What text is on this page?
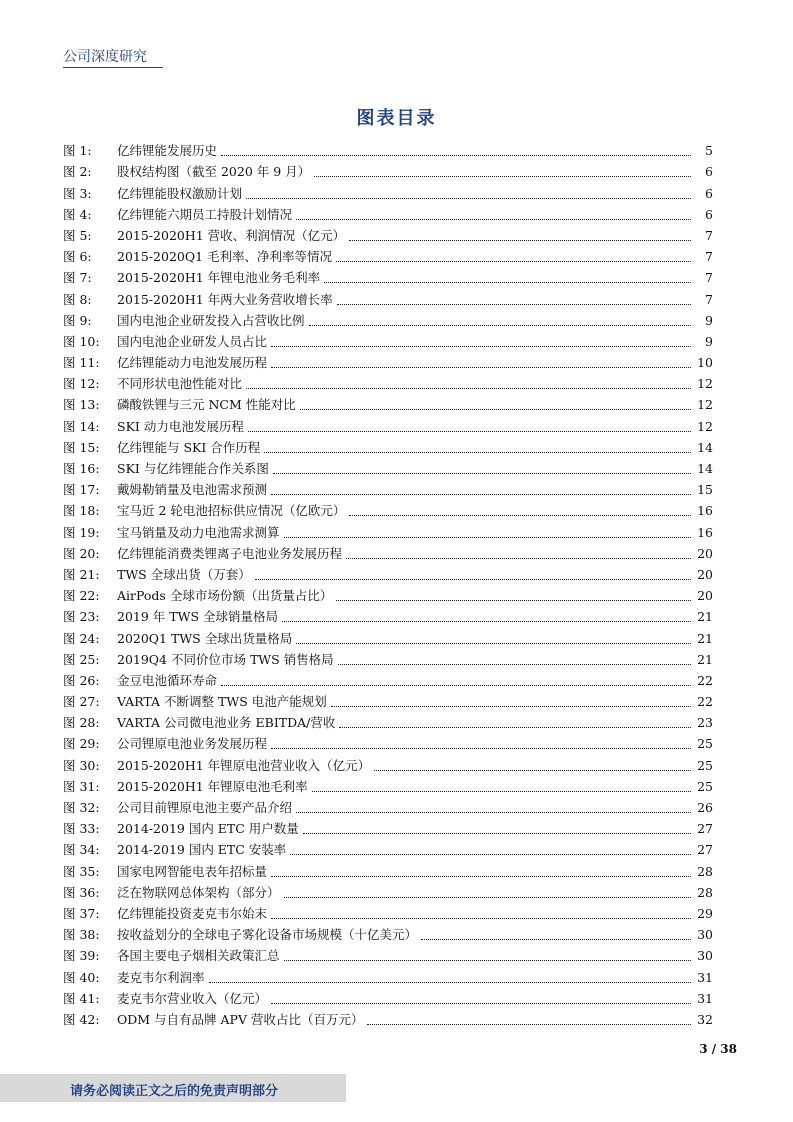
公司深度研究
图表目录
图 1: 亿纬锂能发展历史	5
图 2: 股权结构图（截至 2020 年 9 月）	6
图 3: 亿纬锂能股权激励计划	6
图 4: 亿纬锂能六期员工持股计划情况	6
图 5: 2015-2020H1 营收、利润情况（亿元）	7
图 6: 2015-2020Q1 毛利率、净利率等情况	7
图 7: 2015-2020H1 年锂电池业务毛利率	7
图 8: 2015-2020H1 年两大业务营收增长率	7
图 9: 国内电池企业研发投入占营收比例	9
图 10: 国内电池企业研发人员占比	9
图 11: 亿纬锂能动力电池发展历程	10
图 12: 不同形状电池性能对比	12
图 13: 磷酸铁锂与三元 NCM 性能对比	12
图 14: SKI 动力电池发展历程	12
图 15: 亿纬锂能与 SKI 合作历程	14
图 16: SKI 与亿纬锂能合作关系图	14
图 17: 戴姆勒销量及电池需求预测	15
图 18: 宝马近 2 轮电池招标供应情况（亿欧元）	16
图 19: 宝马销量及动力电池需求测算	16
图 20: 亿纬锂能消费类锂离子电池业务发展历程	20
图 21: TWS 全球出货（万套）	20
图 22: AirPods 全球市场份额（出货量占比）	20
图 23: 2019 年 TWS 全球销量格局	21
图 24: 2020Q1 TWS 全球出货量格局	21
图 25: 2019Q4 不同价位市场 TWS 销售格局	21
图 26: 金豆电池循环寿命	22
图 27: VARTA 不断调整 TWS 电池产能规划	22
图 28: VARTA 公司微电池业务 EBITDA/营收	23
图 29: 公司锂原电池业务发展历程	25
图 30: 2015-2020H1 年锂原电池营业收入（亿元）	25
图 31: 2015-2020H1 年锂原电池毛利率	25
图 32: 公司目前锂原电池主要产品介绍	26
图 33: 2014-2019 国内 ETC 用户数量	27
图 34: 2014-2019 国内 ETC 安装率	27
图 35: 国家电网智能电表年招标量	28
图 36: 泛在物联网总体架构（部分）	28
图 37: 亿纬锂能投资麦克韦尔始末	29
图 38: 按收益划分的全球电子雾化设备市场规模（十亿美元）	30
图 39: 各国主要电子烟相关政策汇总	30
图 40: 麦克韦尔利润率	31
图 41: 麦克韦尔营业收入（亿元）	31
图 42: ODM 与自有品牌 APV 营收占比（百万元）	32
3 / 38
请务必阅读正文之后的免责声明部分
